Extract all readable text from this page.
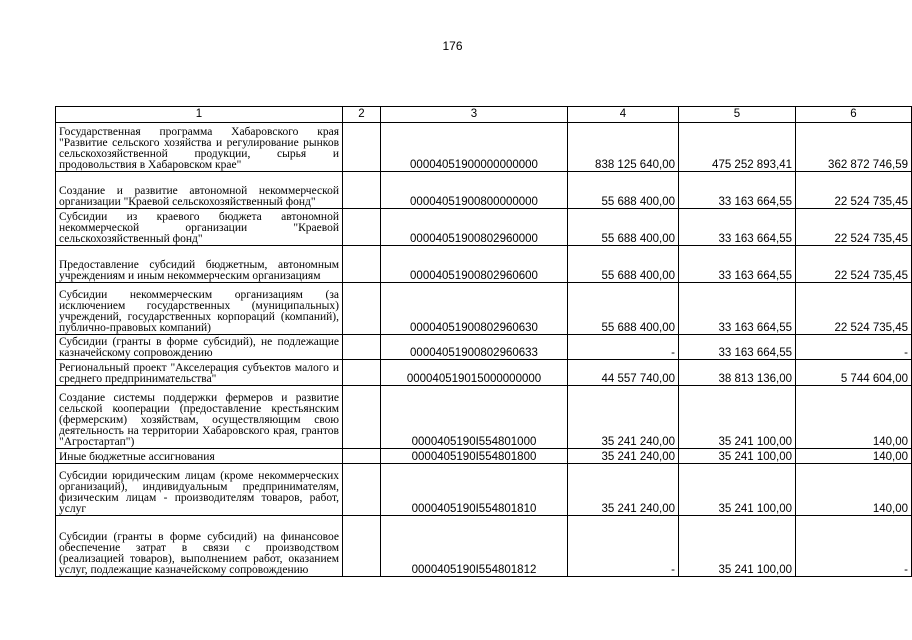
176
1	2	3	4	5	6
Государственная программа Хабаровского края "Развитие сельского хозяйства и регулирование рынков сельскохозяйственной продукции, сырья и продовольствия в Хабаровском крае"		00004051900000000000	838 125 640,00	475 252 893,41	362 872 746,59
Создание и развитие автономной некоммерческой организации "Краевой сельскохозяйственный фонд"		00004051900800000000	55 688 400,00	33 163 664,55	22 524 735,45
Субсидии из краевого бюджета автономной некоммерческой организации "Краевой сельскохозяйственный фонд"		00004051900802960000	55 688 400,00	33 163 664,55	22 524 735,45
Предоставление субсидий бюджетным, автономным учреждениям и иным некоммерческим организациям		00004051900802960600	55 688 400,00	33 163 664,55	22 524 735,45
Субсидии некоммерческим организациям (за исключением государственных (муниципальных) учреждений, государственных корпораций (компаний), публично-правовых компаний)		00004051900802960630	55 688 400,00	33 163 664,55	22 524 735,45
Субсидии (гранты в форме субсидий), не подлежащие казначейскому сопровождению		00004051900802960633	-	33 163 664,55	-
Региональный проект "Акселерация субъектов малого и среднего предпринимательства"		000040519015000000000	44 557 740,00	38 813 136,00	5 744 604,00
Создание системы поддержки фермеров и развитие сельской кооперации (предоставление крестьянским (фермерским) хозяйствам, осуществляющим свою деятельность на территории Хабаровского края, грантов "Агростартап")		0000405190I554801000	35 241 240,00	35 241 100,00	140,00
Иные бюджетные ассигнования		0000405190I554801800	35 241 240,00	35 241 100,00	140,00
Субсидии юридическим лицам (кроме некоммерческих организаций), индивидуальным предпринимателям, физическим лицам - производителям товаров, работ, услуг		0000405190I554801810	35 241 240,00	35 241 100,00	140,00
Субсидии (гранты в форме субсидий) на финансовое обеспечение затрат в связи с производством (реализацией товаров), выполнением работ, оказанием услуг, подлежащие казначейскому сопровождению		0000405190I554801812	-	35 241 100,00	-
